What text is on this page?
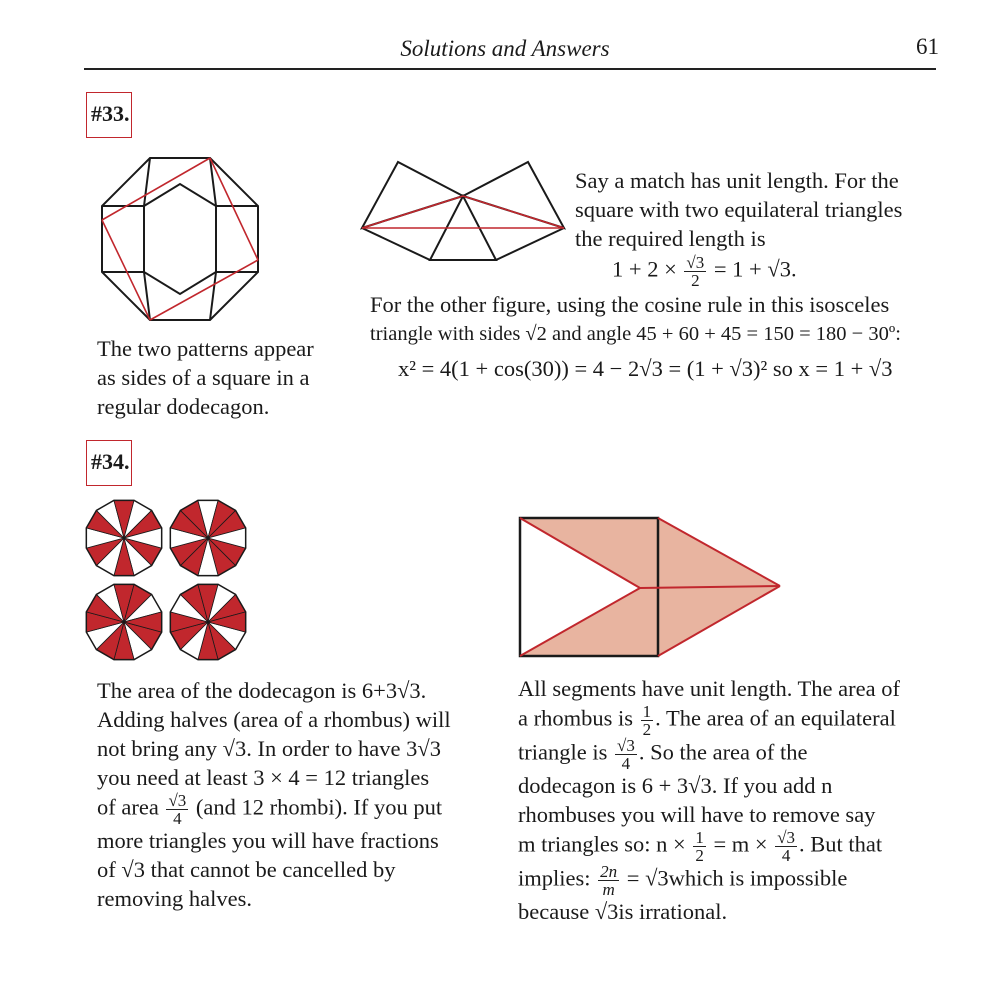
Solutions and Answers	61
#33.
Say a match has unit length. For the
square with two equilateral triangles
the required length is
$1 + 2 \times \frac{√3}{2} = 1 + √3$.
For the other figure, using the cosine rule in this isosceles
triangle with sides √2 and angle 45 + 60 + 45 = 150 = 180 − 30º:
x² = 4(1 + cos(30)) = 4 − 2√3 = (1 + √3)² so x = 1 + √3
The two patterns appear
as sides of a square in a
regular dodecagon.
#34.
The area of the dodecagon is 6+3√3.
Adding halves (area of a rhombus) will
not bring any √3. In order to have 3√3
you need at least 3 × 4 = 12 triangles
of area $\frac{√3}{4} (and$ 12 rhombi). If you put
more triangles you will have fractions
of √3 that cannot be cancelled by
removing halves.
All segments have unit length. The area of
a rhombus is $\frac{1}{2}$ . The area of an equilateral
triangle is $\frac{√3}{4}$ . So the area of the
dodecagon is 6 + 3√3. If you add n
rhombuses you will have to remove say
m triangles so: $n \times \frac{1}{2} = m \times \frac{√3}{4}$ . But that
implies: $\frac{2n}{m}$ = √3which is impossible
because √3is irrational.
